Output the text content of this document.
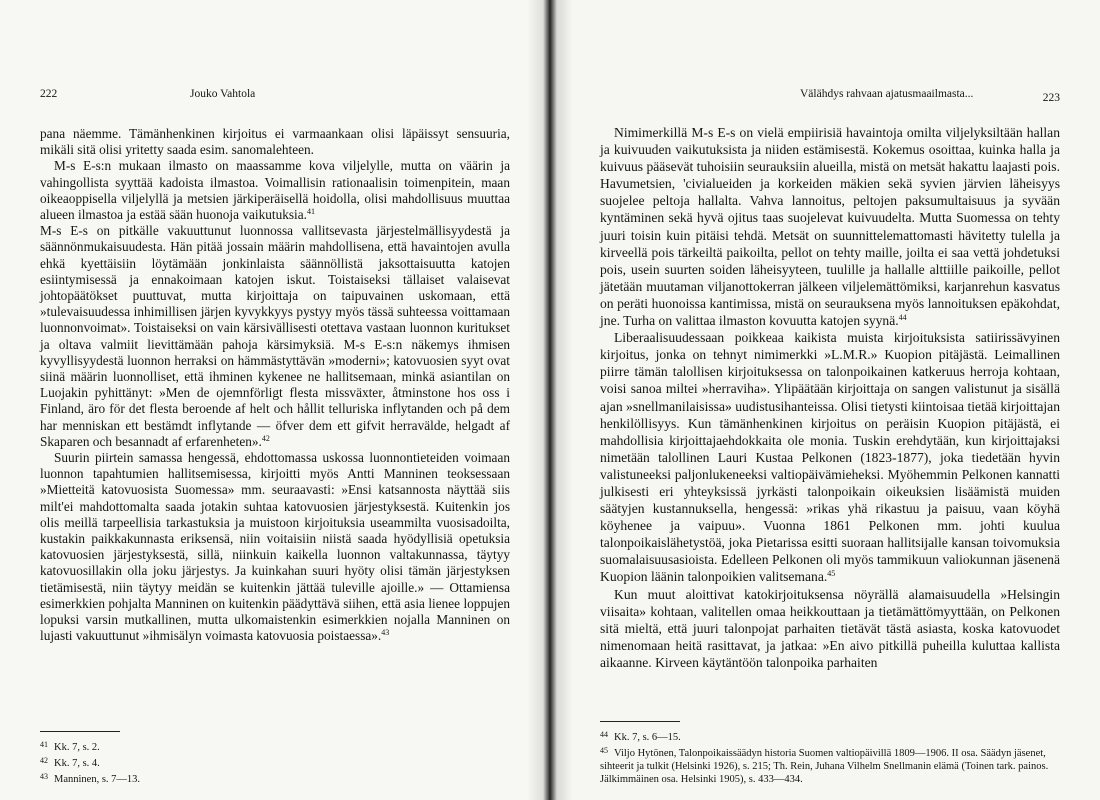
222	Jouko Vahtola

pana näemme. Tämänhenkinen kirjoitus ei varmaankaan olisi läpäissyt sensuuria, mikäli sitä olisi yritetty saada esim. sanomalehteen.

M-s E-s:n mukaan ilmasto on maassamme kova viljelylle, mutta on väärin ja vahingollista syyttää kadoista ilmastoa. Voimallisin rationaalisin toimenpitein, maan oikeaoppisella viljelyllä ja metsien järkiperäisellä hoidolla, olisi mahdollisuus muuttaa alueen ilmastoa ja estää sään huonoja vaikutuksia.$^{41}$

M-s E-s on pitkälle vakuuttunut luonnossa vallitsevasta järjestelmällisyydestä ja säännönmukaisuudesta. Hän pitää jossain määrin mahdollisena, että havaintojen avulla ehkä kyettäisiin löytämään jonkinlaista säännöllistä jaksottaisuutta katojen esiintymisessä ja ennakoimaan katojen iskut. Toistaiseksi tällaiset valaisevat johtopäätökset puuttuvat, mutta kirjoittaja on taipuvainen uskomaan, että »tulevaisuudessa inhimillisen järjen kyvykkyys pystyy myös tässä suhteessa voittamaan luonnonvoimat». Toistaiseksi on vain kärsivällisesti otettava vastaan luonnon kuritukset ja oltava valmiit lievittämään pahoja kärsimyksiä. M-s E-s:n näkemys ihmisen kyvyllisyydestä luonnon herraksi on hämmästyttävän »moderni»; katovuosien syyt ovat siinä määrin luonnolliset, että ihminen kykenee ne hallitsemaan, minkä asiantilan on Luojakin pyhittänyt: »Men de ojemnförligt flesta missväxter, åtminstone hos oss i Finland, äro för det flesta beroende af helt och hållit telluriska inflytanden och på dem har menniskan ett bestämdt inflytande — öfver dem ett gifvit herravälde, helgadt af Skaparen och besannadt af erfarenheten».$^{42}$

Suurin piirtein samassa hengessä, ehdottomassa uskossa luonnontieteiden voimaan luonnon tapahtumien hallitsemisessa, kirjoitti myös Antti Manninen teoksessaan »Mietteitä katovuosista Suomessa» mm. seuraavasti: »Ensi katsannosta näyttää siis milt'ei mahdottomalta saada jotakin suhtaa katovuosien järjestyksestä. Kuitenkin jos olis meillä tarpeellisia tarkastuksia ja muistoon kirjoituksia useammilta vuosisadoilta, kustakin paikkakunnasta eriksensä, niin voitaisiin niistä saada hyödyllisiä opetuksia katovuosien järjestyksestä, sillä, niinkuin kaikella luonnon valtakunnassa, täytyy katovuosillakin olla joku järjestys. Ja kuinkahan suuri hyöty olisi tämän järjestyksen tietämisestä, niin täytyy meidän se kuitenkin jättää tuleville ajoille.» — Ottamiensa esimerkkien pohjalta Manninen on kuitenkin päädyttävä siihen, että asia lienee loppujen lopuksi varsin mutkallinen, mutta ulkomaistenkin esimerkkien nojalla Manninen on lujasti vakuuttunut »ihmisälyn voimasta katovuosia poistaessa».$^{43}$

$^{41}$ Kk. 7, s. 2.

$^{42}$ Kk. 7, s. 4.

$^{43}$ Manninen, s. 7—13.

Välähdys rahvaan ajatusmaailmasta...	223

Nimimerkillä M-s E-s on vielä empiirisiä havaintoja omilta viljelyksiltään hallan ja kuivuuden vaikutuksista ja niiden estämisestä. Kokemus osoittaa, kuinka halla ja kuivuus pääsevät tuhoisiin seurauksiin alueilla, mistä on metsät hakattu laajasti pois. Havumetsien, 'civialueiden ja korkeiden mäkien sekä syvien järvien läheisyys suojelee peltoja hallalta. Vahva lannoitus, peltojen paksumultaisuus ja syvään kyntäminen sekä hyvä ojitus taas suojelevat kuivuudelta. Mutta Suomessa on tehty juuri toisin kuin pitäisi tehdä. Metsät on suunnittelemattomasti hävitetty tulella ja kirveellä pois tärkeiltä paikoilta, pellot on tehty maille, joilta ei saa vettä johdetuksi pois, usein suurten soiden läheisyyteen, tuulille ja hallalle alttiille paikoille, pellot jätetään muutaman viljanottokerran jälkeen viljelemättömiksi, karjanrehun kasvatus on peräti huonoissa kantimissa, mistä on seurauksena myös lannoituksen epäkohdat, jne. Turha on valittaa ilmaston kovuutta katojen syynä.$^{44}$

Liberaalisuudessaan poikkeaa kaikista muista kirjoituksista satiirissävyinen kirjoitus, jonka on tehnyt nimimerkki »L.M.R.» Kuopion pitäjästä. Leimallinen piirre tämän talollisen kirjoituksessa on talonpoikainen katkeruus herroja kohtaan, voisi sanoa miltei »herraviha». Ylipäätään kirjoittaja on sangen valistunut ja sisällä ajan »snellmanilaisissa» uudistusihanteissa. Olisi tietysti kiintoisaa tietää kirjoittajan henkilöllisyys. Kun tämänhenkinen kirjoitus on peräisin Kuopion pitäjästä, ei mahdollisia kirjoittajaehdokkaita ole monia. Tuskin erehdytään, kun kirjoittajaksi nimetään talollinen Lauri Kustaa Pelkonen (1823-1877), joka tiedetään hyvin valistuneeksi paljonlukeneeksi valtiopäivämieheksi. Myöhemmin Pelkonen kannatti julkisesti eri yhteyksissä jyrkästi talonpoikain oikeuksien lisäämistä muiden säätyjen kustannuksella, hengessä: »rikas yhä rikastuu ja paisuu, vaan köyhä köyhenee ja vaipuu». Vuonna 1861 Pelkonen mm. johti kuulua talonpoikaislähetystöä, joka Pietarissa esitti suoraan hallitsijalle kansan toivomuksia suomalaisuusasioista. Edelleen Pelkonen oli myös tammikuun valiokunnan jäsenenä Kuopion läänin talonpoikien valitsemana.$^{45}$

Kun muut aloittivat katokirjoituksensa nöyrällä alamaisuudella »Helsingin viisaita» kohtaan, valitellen omaa heikkouttaan ja tietämättömyyttään, on Pelkonen sitä mieltä, että juuri talonpojat parhaiten tietävät tästä asiasta, koska katovuodet nimenomaan heitä rasittavat, ja jatkaa: »En aivo pitkillä puheilla kuluttaa kallista aikaanne. Kirveen käytäntöön talonpoika parhaiten

$^{44}$ Kk. 7, s. 6—15.

$^{45}$ Viljo Hytönen, Talonpoikaissäädyn historia Suomen valtiopäivillä 1809—1906. II osa. Säädyn jäsenet, sihteerit ja tulkit (Helsinki 1926), s. 215; Th. Rein, Juhana Vilhelm Snellmanin elämä (Toinen tark. painos. Jälkimmäinen osa. Helsinki 1905), s. 433—434.
